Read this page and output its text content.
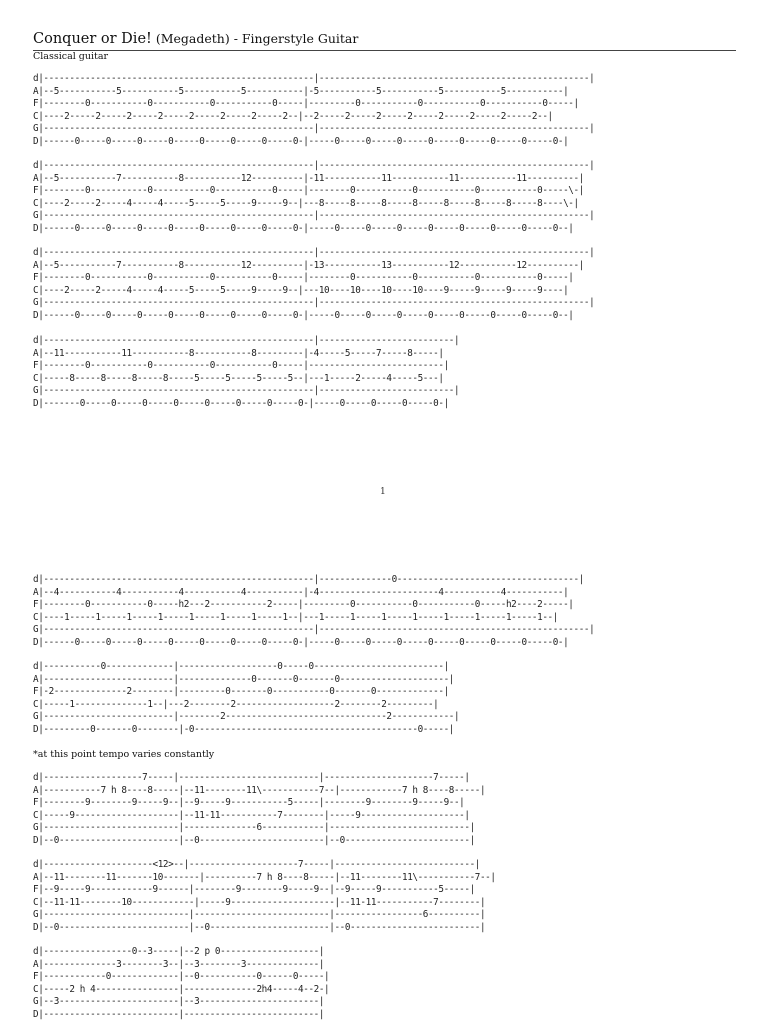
Conquer or Die! (Megadeth) - Fingerstyle Guitar
Classical guitar
d|----------------------------------------------------|----------------------------------------------------|
A|--5-----------5-----------5-----------5-----------|-5-----------5-----------5-----------5-----------|
F|--------0-----------0-----------0-----------0-----|---------0-----------0-----------0-----------0-----|
C|----2-----2-----2-----2-----2-----2-----2-----2--|--2-----2-----2-----2-----2-----2-----2-----2--|
G|----------------------------------------------------|----------------------------------------------------|
D|------0-----0-----0-----0-----0-----0-----0-----0-|-----0-----0-----0-----0-----0-----0-----0-----0-|
d|----------------------------------------------------|----------------------------------------------------|
A|--5-----------7-----------8-----------12----------|-11-----------11-----------11-----------11----------|
F|--------0-----------0-----------0-----------0-----|--------0-----------0-----------0-----------0-----\-|
C|----2-----2-----4-----4-----5-----5-----9-----9--|---8-----8-----8-----8-----8-----8-----8-----8----\-|
G|----------------------------------------------------|----------------------------------------------------|
D|------0-----0-----0-----0-----0-----0-----0-----0-|-----0-----0-----0-----0-----0-----0-----0-----0--|
d|----------------------------------------------------|----------------------------------------------------|
A|--5-----------7-----------8-----------12----------|-13-----------13-----------12-----------12----------|
F|--------0-----------0-----------0-----------0-----|--------0-----------0-----------0-----------0-----|
C|----2-----2-----4-----4-----5-----5-----9-----9--|---10----10----10----10----9-----9-----9-----9----|
G|----------------------------------------------------|----------------------------------------------------|
D|------0-----0-----0-----0-----0-----0-----0-----0-|-----0-----0-----0-----0-----0-----0-----0-----0--|
d|----------------------------------------------------|--------------------------|
A|--11-----------11-----------8-----------8---------|-4-----5-----7-----8-----|
F|--------0-----------0-----------0-----------0-----|--------------------------|
C|-----8-----8-----8-----8-----5-----5-----5-----5--|---1-----2-----4-----5---|
G|----------------------------------------------------|--------------------------|
D|-------0-----0-----0-----0-----0-----0-----0-----0-|-----0-----0-----0-----0-|
1
d|----------------------------------------------------|--------------0-----------------------------------|
A|--4-----------4-----------4-----------4-----------|-4-----------------------4-----------4-----------|
F|--------0-----------0-----h2---2-----------2-----|---------0-----------0-----------0-----h2----2-----|
C|----1-----1-----1-----1-----1-----1-----1-----1--|---1-----1-----1-----1-----1-----1-----1-----1--|
G|----------------------------------------------------|----------------------------------------------------|
D|------0-----0-----0-----0-----0-----0-----0-----0-|-----0-----0-----0-----0-----0-----0-----0-----0-|
d|-----------0-------------|-------------------0-----0-------------------------|
A|-------------------------|--------------0-------0-------0---------------------|
F|-2--------------2--------|---------0-------0-----------0-------0-------------|
C|-----1--------------1--|---2--------2-------------------2--------2---------|
G|-------------------------|--------2-------------------------------2------------|
D|---------0-------0--------|-0-------------------------------------------0-----|
*at this point tempo varies constantly
d|-------------------7-----|---------------------------|---------------------7-----|
A|-----------7 h 8----8-----|--11--------11\-----------7--|------------7 h 8----8-----|
F|--------9--------9-----9--|--9-----9-----------5-----|--------9--------9-----9--|
C|-----9--------------------|--11-11-----------7--------|-----9--------------------|
G|--------------------------|--------------6------------|---------------------------|
D|--0-----------------------|--0------------------------|--0------------------------|
d|---------------------<12>--|---------------------7-----|---------------------------|
A|--11--------11-------10-------|----------7 h 8----8-----|--11--------11\-----------7--|
F|--9-----9------------9------|--------9--------9-----9--|--9-----9-----------5-----|
C|--11-11--------10------------|-----9--------------------|--11-11-----------7--------|
G|----------------------------|--------------------------|-----------------6----------|
D|--0-------------------------|--0-----------------------|--0-------------------------|
d|-----------------0--3-----|--2 p 0-------------------|
A|--------------3--------3--|--3--------3--------------|
F|------------0-------------|--0-----------0------0-----|
C|-----2 h 4----------------|--------------2h4-----4--2-|
G|--3-----------------------|--3-----------------------|
D|--------------------------|--------------------------|
